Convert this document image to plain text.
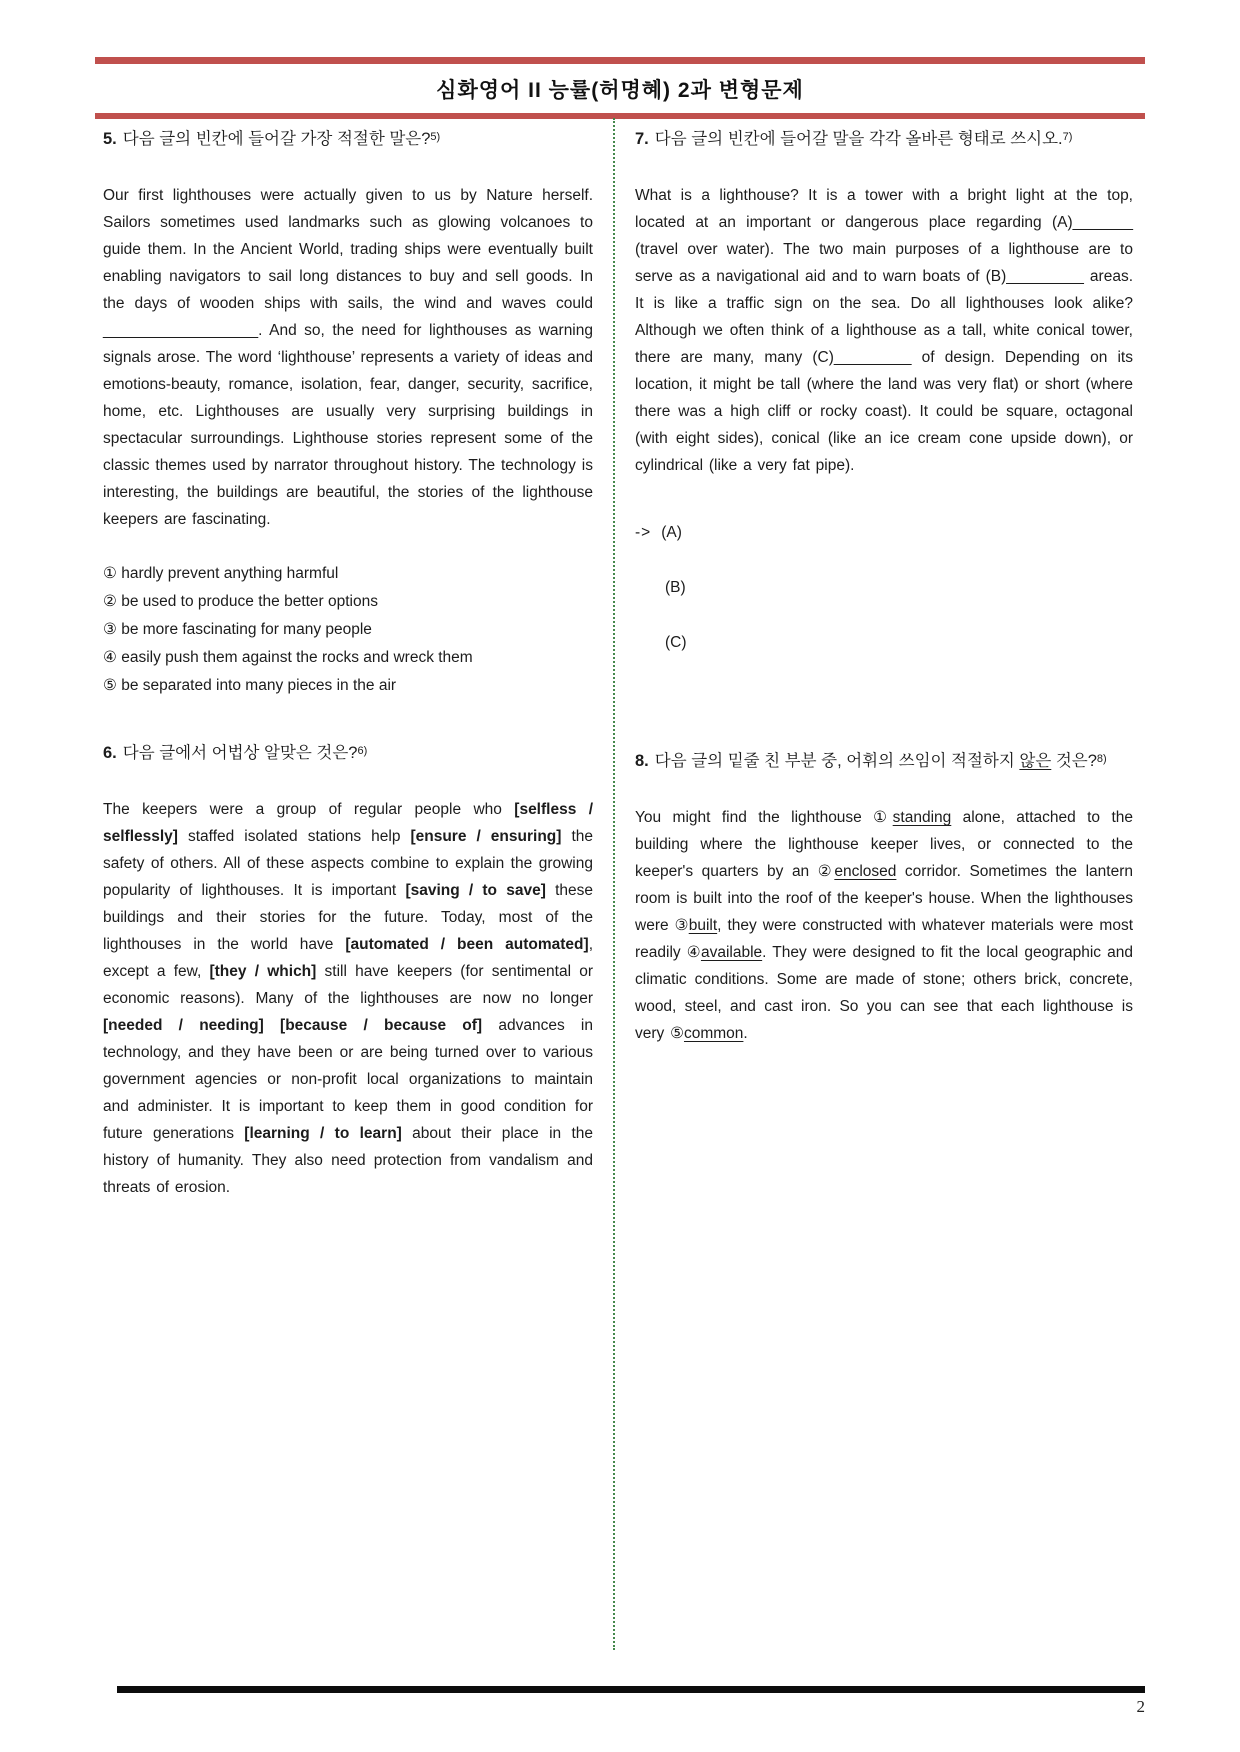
심화영어 II 능률(허명혜) 2과 변형문제
5. 다음 글의 빈칸에 들어갈 가장 적절한 말은?$^{5)}$
Our first lighthouses were actually given to us by Nature herself. Sailors sometimes used landmarks such as glowing volcanoes to guide them. In the Ancient World, trading ships were eventually built enabling navigators to sail long distances to buy and sell goods. In the days of wooden ships with sails, the wind and waves could __________________. And so, the need for lighthouses as warning signals arose. The word ‘lighthouse’ represents a variety of ideas and emotions-beauty, romance, isolation, fear, danger, security, sacrifice, home, etc. Lighthouses are usually very surprising buildings in spectacular surroundings. Lighthouse stories represent some of the classic themes used by narrator throughout history. The technology is interesting, the buildings are beautiful, the stories of the lighthouse keepers are fascinating.
① hardly prevent anything harmful
② be used to produce the better options
③ be more fascinating for many people
④ easily push them against the rocks and wreck them
⑤ be separated into many pieces in the air
6. 다음 글에서 어법상 알맞은 것은?$^{6)}$
The keepers were a group of regular people who [selfless / selflessly] staffed isolated stations help [ensure / ensuring] the safety of others. All of these aspects combine to explain the growing popularity of lighthouses. It is important [saving / to save] these buildings and their stories for the future. Today, most of the lighthouses in the world have [automated / been automated], except a few, [they / which] still have keepers (for sentimental or economic reasons). Many of the lighthouses are now no longer [needed / needing] [because / because of] advances in technology, and they have been or are being turned over to various government agencies or non-profit local organizations to maintain and administer. It is important to keep them in good condition for future generations [learning / to learn] about their place in the history of humanity. They also need protection from vandalism and threats of erosion.
7. 다음 글의 빈칸에 들어갈 말을 각각 올바른 형태로 쓰시오.$^{7)}$
What is a lighthouse? It is a tower with a bright light at the top, located at an important or dangerous place regarding (A)_______ (travel over water). The two main purposes of a lighthouse are to serve as a navigational aid and to warn boats of (B)_________ areas. It is like a traffic sign on the sea. Do all lighthouses look alike? Although we often think of a lighthouse as a tall, white conical tower, there are many, many (C)_________ of design. Depending on its location, it might be tall (where the land was very flat) or short (where there was a high cliff or rocky coast). It could be square, octagonal (with eight sides), conical (like an ice cream cone upside down), or cylindrical (like a very fat pipe).
-> (A)
(B)
(C)
8. 다음 글의 밑줄 친 부분 중, 어휘의 쓰임이 적절하지 않은 것은?$^{8)}$
You might find the lighthouse ①standing alone, attached to the building where the lighthouse keeper lives, or connected to the keeper's quarters by an ②enclosed corridor. Sometimes the lantern room is built into the roof of the keeper's house. When the lighthouses were ③built, they were constructed with whatever materials were most readily ④available. They were designed to fit the local geographic and climatic conditions. Some are made of stone; others brick, concrete, wood, steel, and cast iron. So you can see that each lighthouse is very ⑤common.
2
